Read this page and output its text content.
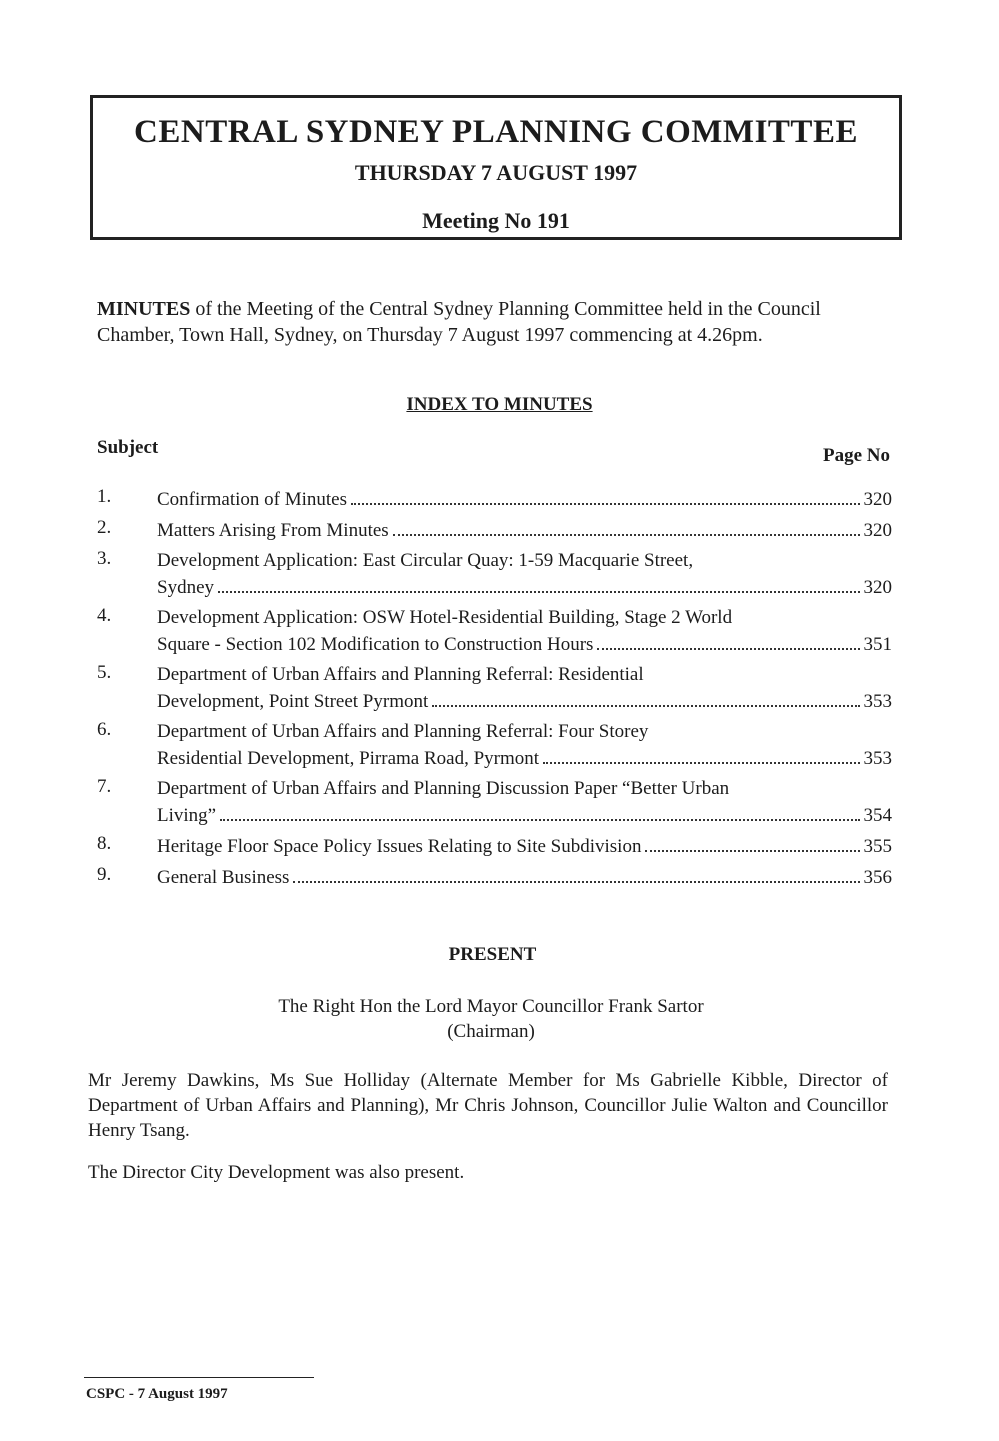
CENTRAL SYDNEY PLANNING COMMITTEE
THURSDAY 7 AUGUST 1997
Meeting No 191
MINUTES of the Meeting of the Central Sydney Planning Committee held in the Council Chamber, Town Hall, Sydney, on Thursday 7 August 1997 commencing at 4.26pm.
INDEX TO MINUTES
Subject	Page No
1.	Confirmation of Minutes	320
2.	Matters Arising From Minutes	320
3.	Development Application: East Circular Quay: 1-59 Macquarie Street,
Sydney	320
4.	Development Application: OSW Hotel-Residential Building, Stage 2 World
Square - Section 102 Modification to Construction Hours	351
5.	Department of Urban Affairs and Planning Referral: Residential
Development, Point Street Pyrmont	353
6.	Department of Urban Affairs and Planning Referral: Four Storey
Residential Development, Pirrama Road, Pyrmont	353
7.	Department of Urban Affairs and Planning Discussion Paper “Better Urban
Living”	354
8.	Heritage Floor Space Policy Issues Relating to Site Subdivision	355
9.	General Business	356
PRESENT
The Right Hon the Lord Mayor Councillor Frank Sartor
(Chairman)
Mr Jeremy Dawkins, Ms Sue Holliday (Alternate Member for Ms Gabrielle Kibble, Director of Department of Urban Affairs and Planning), Mr Chris Johnson, Councillor Julie Walton and Councillor Henry Tsang.
The Director City Development was also present.
CSPC - 7 August 1997
